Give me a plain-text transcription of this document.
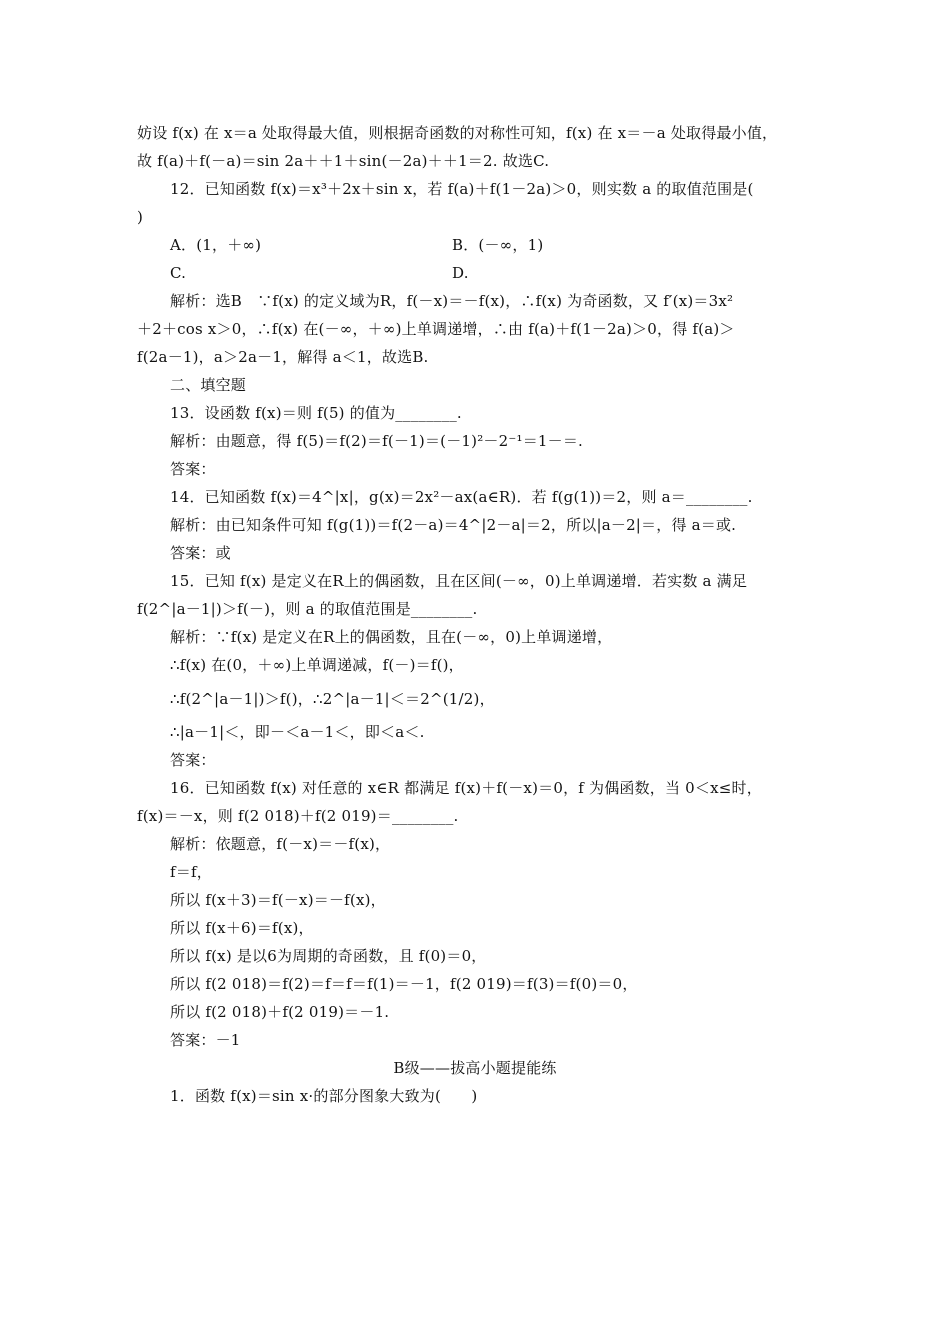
妨设 f(x) 在 x＝a 处取得最大值，则根据奇函数的对称性可知，f(x) 在 x＝－a 处取得最小值，
故 f(a)＋f(－a)＝sin 2a＋＋1＋sin(－2a)＋＋1＝2. 故选C.
12．已知函数 f(x)＝x³＋2x＋sin x，若 f(a)＋f(1－2a)＞0，则实数 a 的取值范围是(
)
A．(1，＋∞)	B．(－∞，1)
C.	D.
解析：选B　∵f(x) 的定义域为R，f(－x)＝－f(x)，∴f(x) 为奇函数，又 f′(x)＝3x²
＋2＋cos x＞0，∴f(x) 在(－∞，＋∞)上单调递增，∴由 f(a)＋f(1－2a)＞0，得 f(a)＞
f(2a－1)，a＞2a－1，解得 a＜1，故选B.
二、填空题
13．设函数 f(x)＝则 f(5) 的值为________.
解析：由题意，得 f(5)＝f(2)＝f(－1)＝(－1)²－2⁻¹＝1－＝.
答案：
14．已知函数 f(x)＝4^|x|，g(x)＝2x²－ax(a∈R)．若 f(g(1))＝2，则 a＝________.
解析：由已知条件可知 f(g(1))＝f(2－a)＝4^|2－a|＝2，所以|a－2|＝，得 a＝或.
答案：或
15．已知 f(x) 是定义在R上的偶函数，且在区间(－∞，0)上单调递增．若实数 a 满足
f(2^|a－1|)＞f(－)，则 a 的取值范围是________.
解析：∵f(x) 是定义在R上的偶函数，且在(－∞，0)上单调递增，
∴f(x) 在(0，＋∞)上单调递减，f(－)＝f()，
∴f(2^|a－1|)＞f()，∴2^|a－1|＜＝2^(1/2)，
∴|a－1|＜，即－＜a－1＜，即＜a＜.
答案：
16．已知函数 f(x) 对任意的 x∈R 都满足 f(x)＋f(－x)＝0，f 为偶函数，当 0＜x≤时，
f(x)＝－x，则 f(2 018)＋f(2 019)＝________.
解析：依题意，f(－x)＝－f(x)，
f＝f，
所以 f(x＋3)＝f(－x)＝－f(x)，
所以 f(x＋6)＝f(x)，
所以 f(x) 是以6为周期的奇函数，且 f(0)＝0，
所以 f(2 018)＝f(2)＝f＝f＝f(1)＝－1，f(2 019)＝f(3)＝f(0)＝0，
所以 f(2 018)＋f(2 019)＝－1.
答案：－1
B级——拔高小题提能练
1．函数 f(x)＝sin x·的部分图象大致为(　　)
